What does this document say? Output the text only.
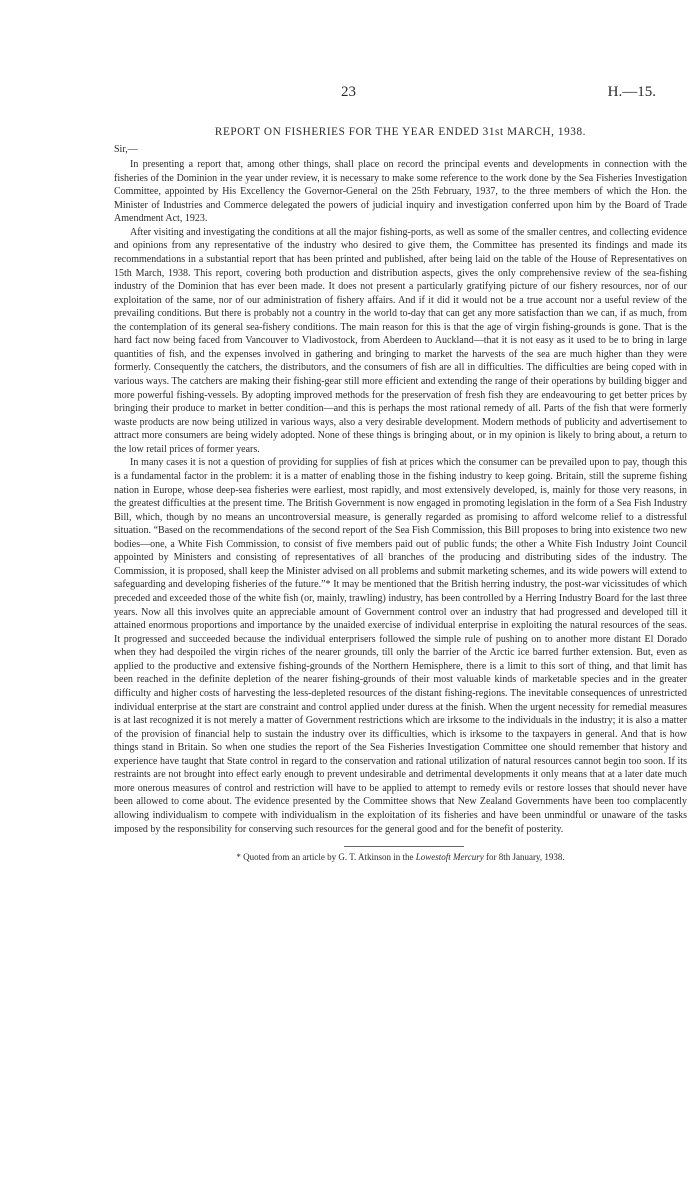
23	H.—15.

REPORT ON FISHERIES FOR THE YEAR ENDED 31st MARCH, 1938.

Sir,—

In presenting a report that, among other things, shall place on record the principal events and developments in connection with the fisheries of the Dominion in the year under review, it is necessary to make some reference to the work done by the Sea Fisheries Investigation Committee, appointed by His Excellency the Governor-General on the 25th February, 1937, to the three members of which the Hon. the Minister of Industries and Commerce delegated the powers of judicial inquiry and investigation conferred upon him by the Board of Trade Amendment Act, 1923.

After visiting and investigating the conditions at all the major fishing-ports, as well as some of the smaller centres, and collecting evidence and opinions from any representative of the industry who desired to give them, the Committee has presented its findings and made its recommendations in a substantial report that has been printed and published, after being laid on the table of the House of Representatives on 15th March, 1938. This report, covering both production and distribution aspects, gives the only comprehensive review of the sea-fishing industry of the Dominion that has ever been made. It does not present a particularly gratifying picture of our fishery resources, nor of our exploitation of the same, nor of our administration of fishery affairs. And if it did it would not be a true account nor a useful review of the prevailing conditions. But there is probably not a country in the world to-day that can get any more satisfaction than we can, if as much, from the contemplation of its general sea-fishery conditions. The main reason for this is that the age of virgin fishing-grounds is gone. That is the hard fact now being faced from Vancouver to Vladivostock, from Aberdeen to Auckland—that it is not easy as it used to be to bring in large quantities of fish, and the expenses involved in gathering and bringing to market the harvests of the sea are much higher than they were formerly. Consequently the catchers, the distributors, and the consumers of fish are all in difficulties. The difficulties are being coped with in various ways. The catchers are making their fishing-gear still more efficient and extending the range of their operations by building bigger and more powerful fishing-vessels. By adopting improved methods for the preservation of fresh fish they are endeavouring to get better prices by bringing their produce to market in better condition—and this is perhaps the most rational remedy of all. Parts of the fish that were formerly waste products are now being utilized in various ways, also a very desirable development. Modern methods of publicity and advertisement to attract more consumers are being widely adopted. None of these things is bringing about, or in my opinion is likely to bring about, a return to the low retail prices of former years.

In many cases it is not a question of providing for supplies of fish at prices which the consumer can be prevailed upon to pay, though this is a fundamental factor in the problem: it is a matter of enabling those in the fishing industry to keep going. Britain, still the supreme fishing nation in Europe, whose deep-sea fisheries were earliest, most rapidly, and most extensively developed, is, mainly for those very reasons, in the greatest difficulties at the present time. The British Government is now engaged in promoting legislation in the form of a Sea Fish Industry Bill, which, though by no means an uncontroversial measure, is generally regarded as promising to afford welcome relief to a distressful situation. “Based on the recommendations of the second report of the Sea Fish Commission, this Bill proposes to bring into existence two new bodies—one, a White Fish Commission, to consist of five members paid out of public funds; the other a White Fish Industry Joint Council appointed by Ministers and consisting of representatives of all branches of the producing and distributing sides of the industry. The Commission, it is proposed, shall keep the Minister advised on all problems and submit marketing schemes, and its wide powers will extend to safeguarding and developing fisheries of the future.”* It may be mentioned that the British herring industry, the post-war vicissitudes of which preceded and exceeded those of the white fish (or, mainly, trawling) industry, has been controlled by a Herring Industry Board for the last three years. Now all this involves quite an appreciable amount of Government control over an industry that had progressed and developed till it attained enormous proportions and importance by the unaided exercise of individual enterprise in exploiting the natural resources of the seas. It progressed and succeeded because the individual enterprisers followed the simple rule of pushing on to another more distant El Dorado when they had despoiled the virgin riches of the nearer grounds, till only the barrier of the Arctic ice barred further extension. But, even as applied to the productive and extensive fishing-grounds of the Northern Hemisphere, there is a limit to this sort of thing, and that limit has been reached in the definite depletion of the nearer fishing-grounds of their most valuable kinds of marketable species and in the greater difficulty and higher costs of harvesting the less-depleted resources of the distant fishing-regions. The inevitable consequences of unrestricted individual enterprise at the start are constraint and control applied under duress at the finish. When the urgent necessity for remedial measures is at last recognized it is not merely a matter of Government restrictions which are irksome to the individuals in the industry; it is also a matter of the provision of financial help to sustain the industry over its difficulties, which is irksome to the taxpayers in general. And that is how things stand in Britain. So when one studies the report of the Sea Fisheries Investigation Committee one should remember that history and experience have taught that State control in regard to the conservation and rational utilization of natural resources cannot begin too soon. If its restraints are not brought into effect early enough to prevent undesirable and detrimental developments it only means that at a later date much more onerous measures of control and restriction will have to be applied to attempt to remedy evils or restore losses that should never have been allowed to come about. The evidence presented by the Committee shows that New Zealand Governments have been too complacently allowing individualism to compete with individualism in the exploitation of its fisheries and have been unmindful or unaware of the tasks imposed by the responsibility for conserving such resources for the general good and for the benefit of posterity.

* Quoted from an article by G. T. Atkinson in the Lowestoft Mercury for 8th January, 1938.
